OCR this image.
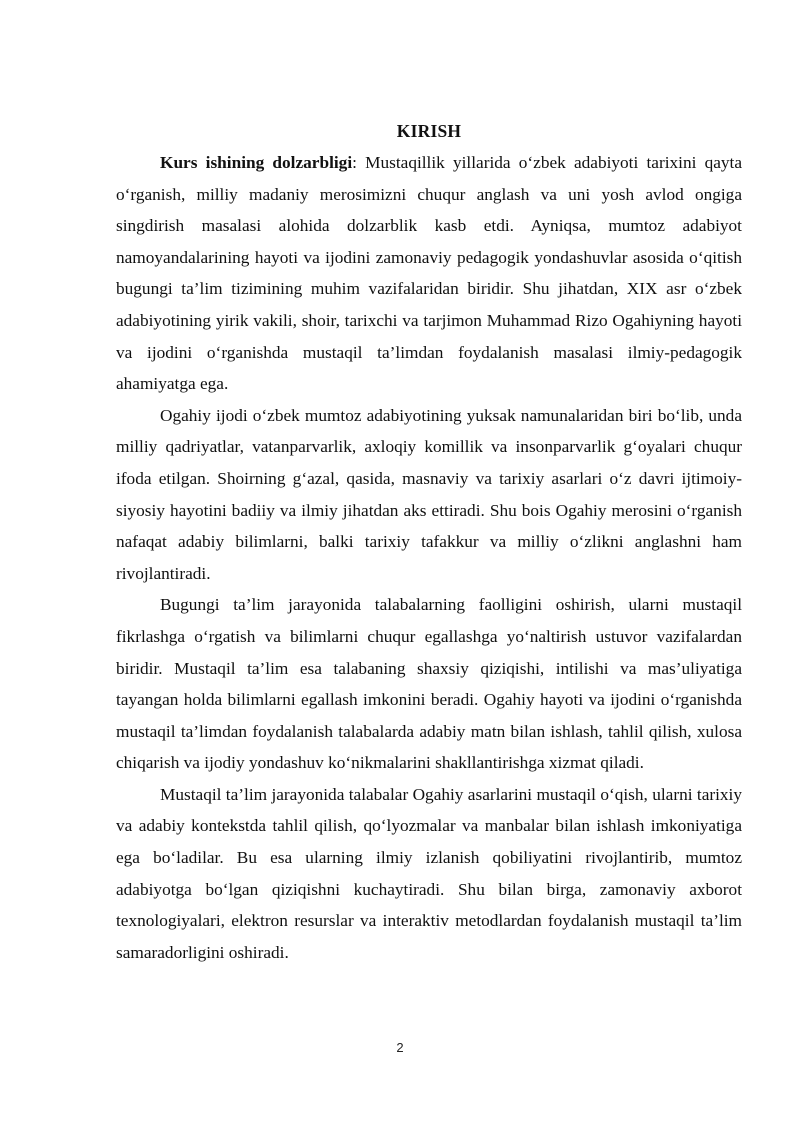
KIRISH

Kurs ishining dolzarbligi: Mustaqillik yillarida o‘zbek adabiyoti tarixini qayta o‘rganish, milliy madaniy merosimizni chuqur anglash va uni yosh avlod ongiga singdirish masalasi alohida dolzarblik kasb etdi. Ayniqsa, mumtoz adabiyot namoyandalarining hayoti va ijodini zamonaviy pedagogik yondashuvlar asosida o‘qitish bugungi ta’lim tizimining muhim vazifalaridan biridir. Shu jihatdan, XIX asr o‘zbek adabiyotining yirik vakili, shoir, tarixchi va tarjimon Muhammad Rizo Ogahiyning hayoti va ijodini o‘rganishda mustaqil ta’limdan foydalanish masalasi ilmiy-pedagogik ahamiyatga ega.

Ogahiy ijodi o‘zbek mumtoz adabiyotining yuksak namunalaridan biri bo‘lib, unda milliy qadriyatlar, vatanparvarlik, axloqiy komillik va insonparvarlik g‘oyalari chuqur ifoda etilgan. Shoirning g‘azal, qasida, masnaviy va tarixiy asarlari o‘z davri ijtimoiy-siyosiy hayotini badiiy va ilmiy jihatdan aks ettiradi. Shu bois Ogahiy merosini o‘rganish nafaqat adabiy bilimlarni, balki tarixiy tafakkur va milliy o‘zlikni anglashni ham rivojlantiradi.

Bugungi ta’lim jarayonida talabalarning faolligini oshirish, ularni mustaqil fikrlashga o‘rgatish va bilimlarni chuqur egallashga yo‘naltirish ustuvor vazifalardan biridir. Mustaqil ta’lim esa talabaning shaxsiy qiziqishi, intilishi va mas’uliyatiga tayangan holda bilimlarni egallash imkonini beradi. Ogahiy hayoti va ijodini o‘rganishda mustaqil ta’limdan foydalanish talabalarda adabiy matn bilan ishlash, tahlil qilish, xulosa chiqarish va ijodiy yondashuv ko‘nikmalarini shakllantirishga xizmat qiladi.

Mustaqil ta’lim jarayonida talabalar Ogahiy asarlarini mustaqil o‘qish, ularni tarixiy va adabiy kontekstda tahlil qilish, qo‘lyozmalar va manbalar bilan ishlash imkoniyatiga ega bo‘ladilar. Bu esa ularning ilmiy izlanish qobiliyatini rivojlantirib, mumtoz adabiyotga bo‘lgan qiziqishni kuchaytiradi. Shu bilan birga, zamonaviy axborot texnologiyalari, elektron resurslar va interaktiv metodlardan foydalanish mustaqil ta’lim samaradorligini oshiradi.

2
